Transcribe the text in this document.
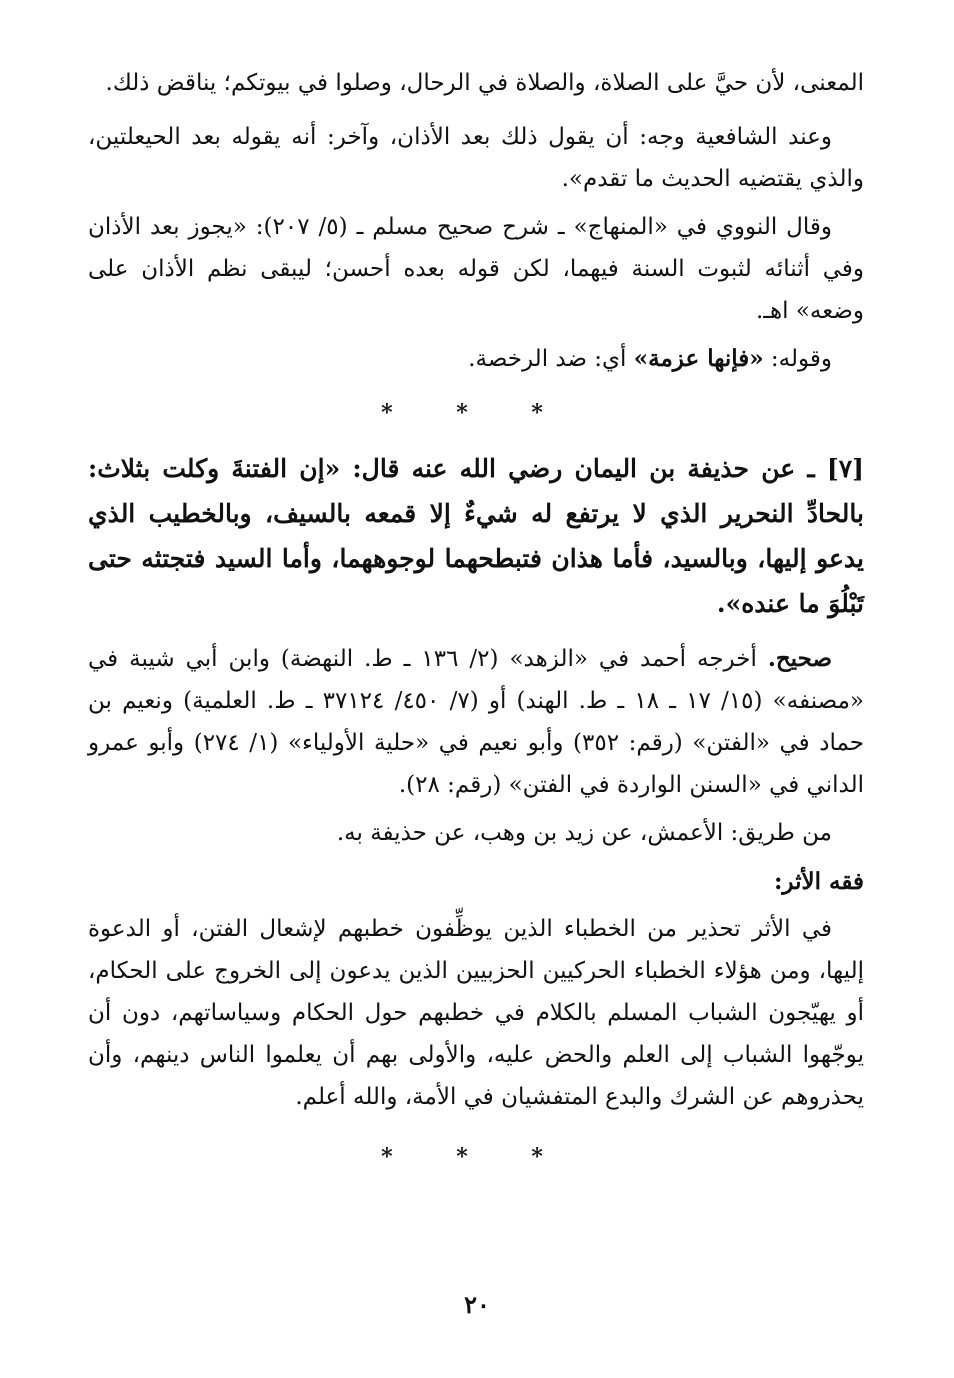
المعنى، لأن حيَّ على الصلاة، والصلاة في الرحال، وصلوا في بيوتكم؛ يناقض ذلك.

وعند الشافعية وجه: أن يقول ذلك بعد الأذان، وآخر: أنه يقوله بعد الحيعلتين، والذي يقتضيه الحديث ما تقدم».

وقال النووي في «المنهاج» ـ شرح صحيح مسلم ـ (٥/ ٢٠٧): «يجوز بعد الأذان وفي أثنائه لثبوت السنة فيهما، لكن قوله بعده أحسن؛ ليبقى نظم الأذان على وضعه» اهـ.

وقوله: «فإنها عزمة» أي: ضد الرخصة.

* * *

[٧] ـ عن حذيفة بن اليمان رضي الله عنه قال: «إن الفتنةَ وكلت بثلاث: بالحادِّ النحرير الذي لا يرتفع له شيءٌ إلا قمعه بالسيف، وبالخطيب الذي يدعو إليها، وبالسيد، فأما هذان فتبطحهما لوجوههما، وأما السيد فتجتثه حتى تَبْلُوَ ما عنده».

صحيح. أخرجه أحمد في «الزهد» (٢/ ١٣٦ ـ ط. النهضة) وابن أبي شيبة في «مصنفه» (١٥/ ١٧ ـ ١٨ ـ ط. الهند) أو (٧/ ٤٥٠/ ٣٧١٢٤ ـ ط. العلمية) ونعيم بن حماد في «الفتن» (رقم: ٣٥٢) وأبو نعيم في «حلية الأولياء» (١/ ٢٧٤) وأبو عمرو الداني في «السنن الواردة في الفتن» (رقم: ٢٨).

من طريق: الأعمش، عن زيد بن وهب، عن حذيفة به.

فقه الأثر:

في الأثر تحذير من الخطباء الذين يوظِّفون خطبهم لإشعال الفتن، أو الدعوة إليها، ومن هؤلاء الخطباء الحركيين الحزبيين الذين يدعون إلى الخروج على الحكام، أو يهيّجون الشباب المسلم بالكلام في خطبهم حول الحكام وسياساتهم، دون أن يوجّهوا الشباب إلى العلم والحض عليه، والأولى بهم أن يعلموا الناس دينهم، وأن يحذروهم عن الشرك والبدع المتفشيان في الأمة، والله أعلم.

* * *
٢٠
